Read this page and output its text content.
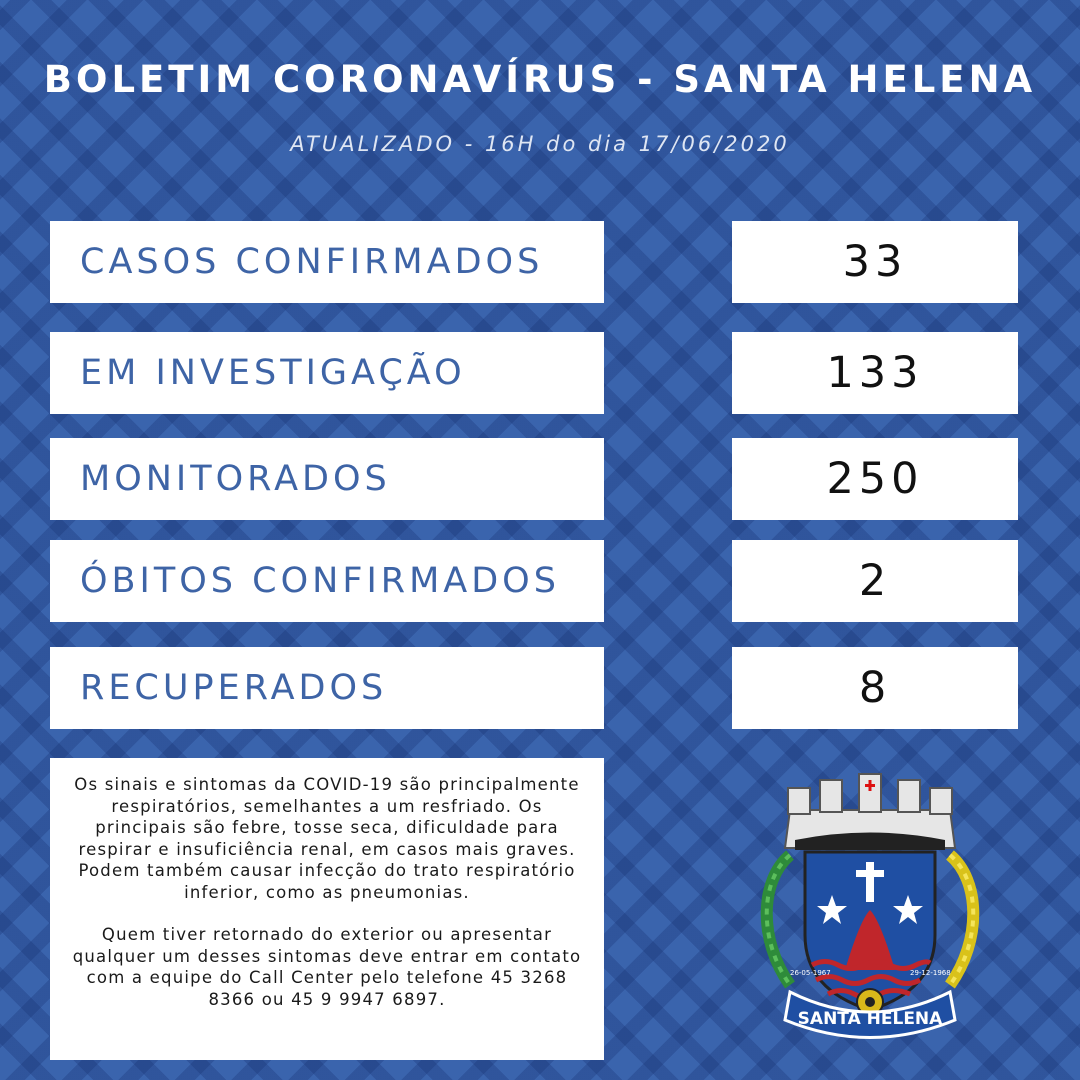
BOLETIM CORONAVÍRUS - SANTA HELENA
ATUALIZADO - 16H do dia 17/06/2020
CASOS CONFIRMADOS	33
EM INVESTIGAÇÃO	133
MONITORADOS	250
ÓBITOS CONFIRMADOS	2
RECUPERADOS	8

Os sinais e sintomas da COVID-19 são principalmente respiratórios, semelhantes a um resfriado. Os principais são febre, tosse seca, dificuldade para respirar e insuficiência renal, em casos mais graves. Podem também causar infecção do trato respiratório inferior, como as pneumonias.

Quem tiver retornado do exterior ou apresentar qualquer um desses sintomas deve entrar em contato com a equipe do Call Center pelo telefone 45 3268 8366 ou 45 9 9947 6897.

SANTA HELENA
26-05-1967	29-12-1968
